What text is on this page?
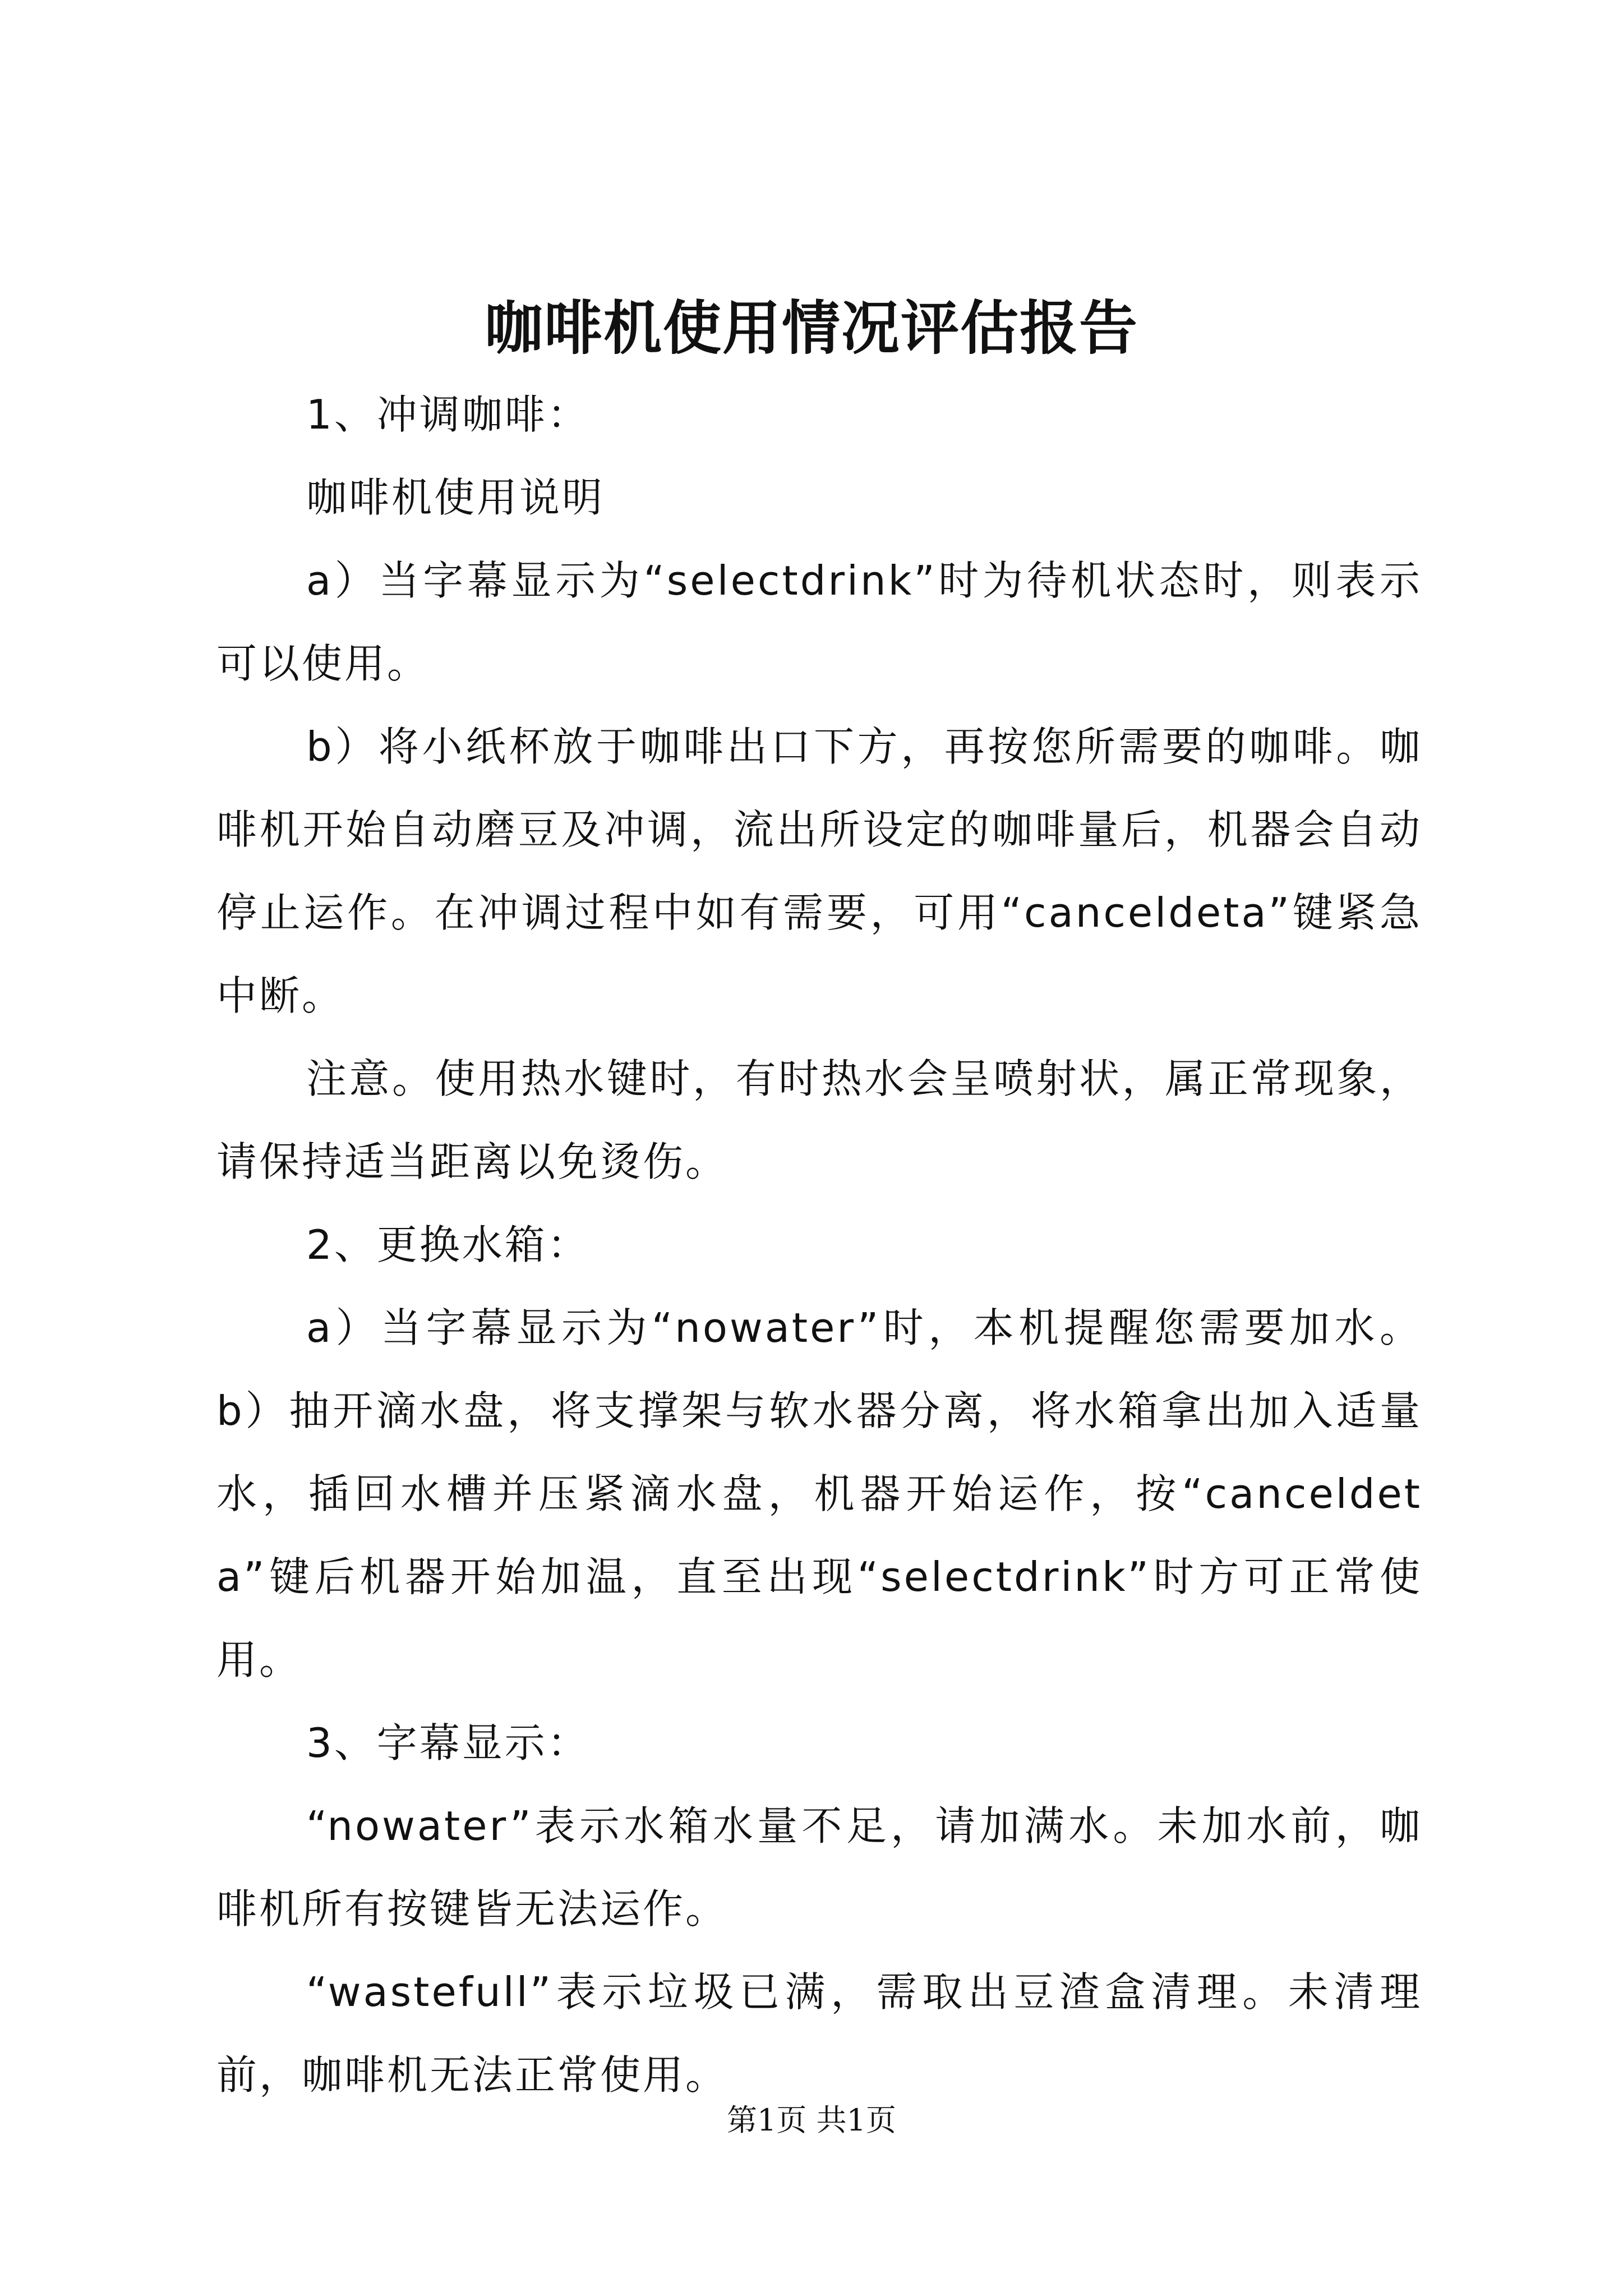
咖啡机使用情况评估报告

1、冲调咖啡：

咖啡机使用说明

a）当字幕显示为“selectdrink”时为待机状态时，则表示可以使用。

b）将小纸杯放于咖啡出口下方，再按您所需要的咖啡。咖啡机开始自动磨豆及冲调，流出所设定的咖啡量后，机器会自动停止运作。在冲调过程中如有需要，可用“canceldeta”键紧急中断。

注意。使用热水键时，有时热水会呈喷射状，属正常现象，请保持适当距离以免烫伤。

2、更换水箱：

a）当字幕显示为“nowater”时，本机提醒您需要加水。b）抽开滴水盘，将支撑架与软水器分离，将水箱拿出加入适量水，插回水槽并压紧滴水盘，机器开始运作，按“canceldeta”键后机器开始加温，直至出现“selectdrink”时方可正常使用。

3、字幕显示：

“nowater”表示水箱水量不足，请加满水。未加水前，咖啡机所有按键皆无法运作。

“wastefull”表示垃圾已满，需取出豆渣盒清理。未清理前，咖啡机无法正常使用。

第1页 共1页
